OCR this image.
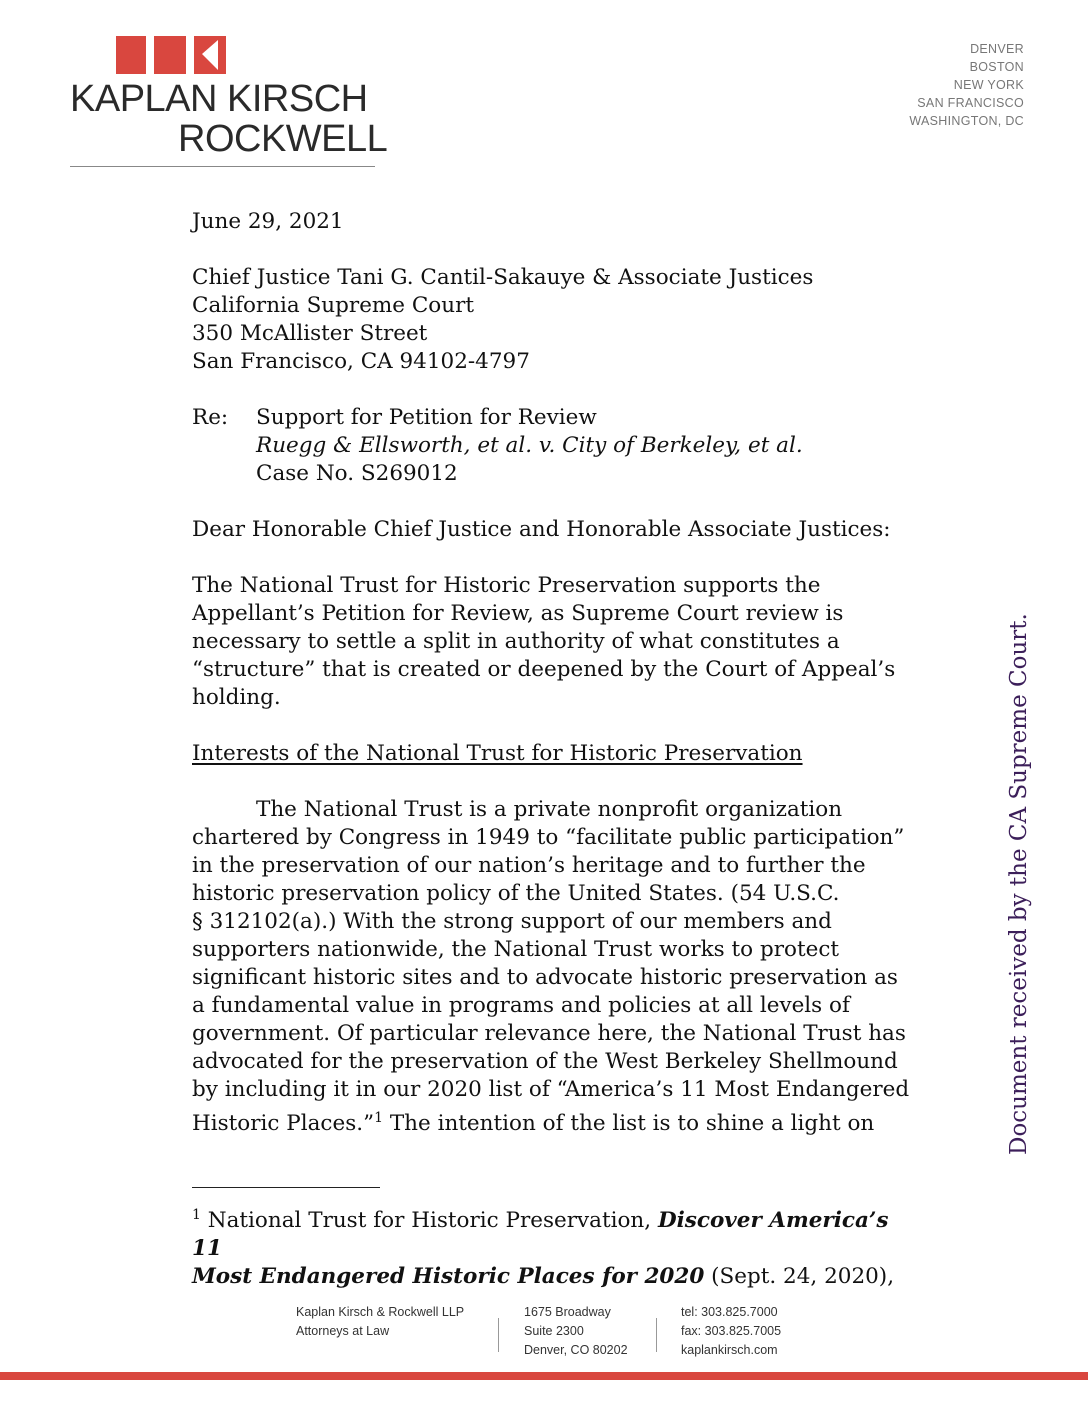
KAPLAN KIRSCH
ROCKWELL
DENVER
BOSTON
NEW YORK
SAN FRANCISCO
WASHINGTON, DC

June 29, 2021

Chief Justice Tani G. Cantil-Sakauye & Associate Justices

California Supreme Court

350 McAllister Street

San Francisco, CA 94102-4797

Re:	Support for Petition for Review

Ruegg & Ellsworth, et al. v. City of Berkeley, et al.

Case No. S269012

Dear Honorable Chief Justice and Honorable Associate Justices:

The National Trust for Historic Preservation supports the

Appellant’s Petition for Review, as Supreme Court review is

necessary to settle a split in authority of what constitutes a

“structure” that is created or deepened by the Court of Appeal’s

holding.

Interests of the National Trust for Historic Preservation

The National Trust is a private nonprofit organization

chartered by Congress in 1949 to “facilitate public participation”

in the preservation of our nation’s heritage and to further the

historic preservation policy of the United States. (54 U.S.C.

§ 312102(a).) With the strong support of our members and

supporters nationwide, the National Trust works to protect

significant historic sites and to advocate historic preservation as

a fundamental value in programs and policies at all levels of

government. Of particular relevance here, the National Trust has

advocated for the preservation of the West Berkeley Shellmound

by including it in our 2020 list of “America’s 11 Most Endangered

Historic Places.”$^1$ The intention of the list is to shine a light on

$^1$ National Trust for Historic Preservation, Discover America’s 11

Most Endangered Historic Places for 2020 (Sept. 24, 2020),

Document received by the CA Supreme Court.
Kaplan Kirsch & Rockwell LLP
Attorneys at Law
1675 Broadway
Suite 2300
Denver, CO 80202
tel: 303.825.7000
fax: 303.825.7005
kaplankirsch.com
